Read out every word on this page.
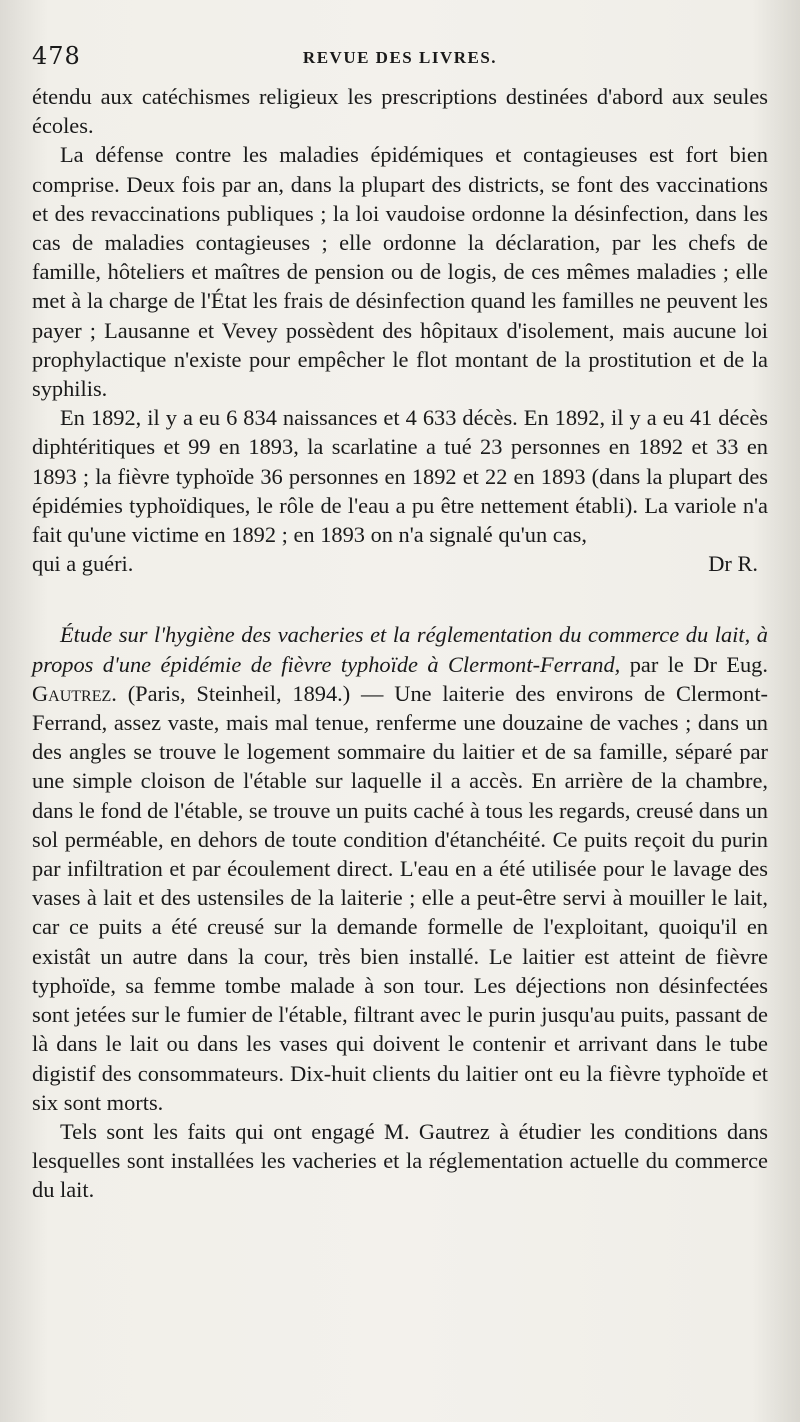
478	REVUE DES LIVRES.

étendu aux catéchismes religieux les prescriptions destinées d'abord aux seules écoles.

La défense contre les maladies épidémiques et contagieuses est fort bien comprise. Deux fois par an, dans la plupart des districts, se font des vaccinations et des revaccinations publiques ; la loi vaudoise ordonne la désinfection, dans les cas de maladies contagieuses ; elle ordonne la déclaration, par les chefs de famille, hôteliers et maîtres de pension ou de logis, de ces mêmes maladies ; elle met à la charge de l'État les frais de désinfection quand les familles ne peuvent les payer ; Lausanne et Vevey possèdent des hôpitaux d'isolement, mais aucune loi prophylactique n'existe pour empêcher le flot montant de la prostitution et de la syphilis.

En 1892, il y a eu 6 834 naissances et 4 633 décès. En 1892, il y a eu 41 décès diphtéritiques et 99 en 1893, la scarlatine a tué 23 personnes en 1892 et 33 en 1893 ; la fièvre typhoïde 36 personnes en 1892 et 22 en 1893 (dans la plupart des épidémies typhoïdiques, le rôle de l'eau a pu être nettement établi). La variole n'a fait qu'une victime en 1892 ; en 1893 on n'a signalé qu'un cas,

qui a guéri.	Dr R.

Étude sur l'hygiène des vacheries et la réglementation du commerce du lait, à propos d'une épidémie de fièvre typhoïde à Clermont-Ferrand, par le Dr Eug. Gautrez. (Paris, Steinheil, 1894.) — Une laiterie des environs de Clermont-Ferrand, assez vaste, mais mal tenue, renferme une douzaine de vaches ; dans un des angles se trouve le logement sommaire du laitier et de sa famille, séparé par une simple cloison de l'étable sur laquelle il a accès. En arrière de la chambre, dans le fond de l'étable, se trouve un puits caché à tous les regards, creusé dans un sol perméable, en dehors de toute condition d'étanchéité. Ce puits reçoit du purin par infiltration et par écoulement direct. L'eau en a été utilisée pour le lavage des vases à lait et des ustensiles de la laiterie ; elle a peut-être servi à mouiller le lait, car ce puits a été creusé sur la demande formelle de l'exploitant, quoiqu'il en existât un autre dans la cour, très bien installé. Le laitier est atteint de fièvre typhoïde, sa femme tombe malade à son tour. Les déjections non désinfectées sont jetées sur le fumier de l'étable, filtrant avec le purin jusqu'au puits, passant de là dans le lait ou dans les vases qui doivent le contenir et arrivant dans le tube digistif des consommateurs. Dix-huit clients du laitier ont eu la fièvre typhoïde et six sont morts.

Tels sont les faits qui ont engagé M. Gautrez à étudier les conditions dans lesquelles sont installées les vacheries et la réglementation actuelle du commerce du lait.
